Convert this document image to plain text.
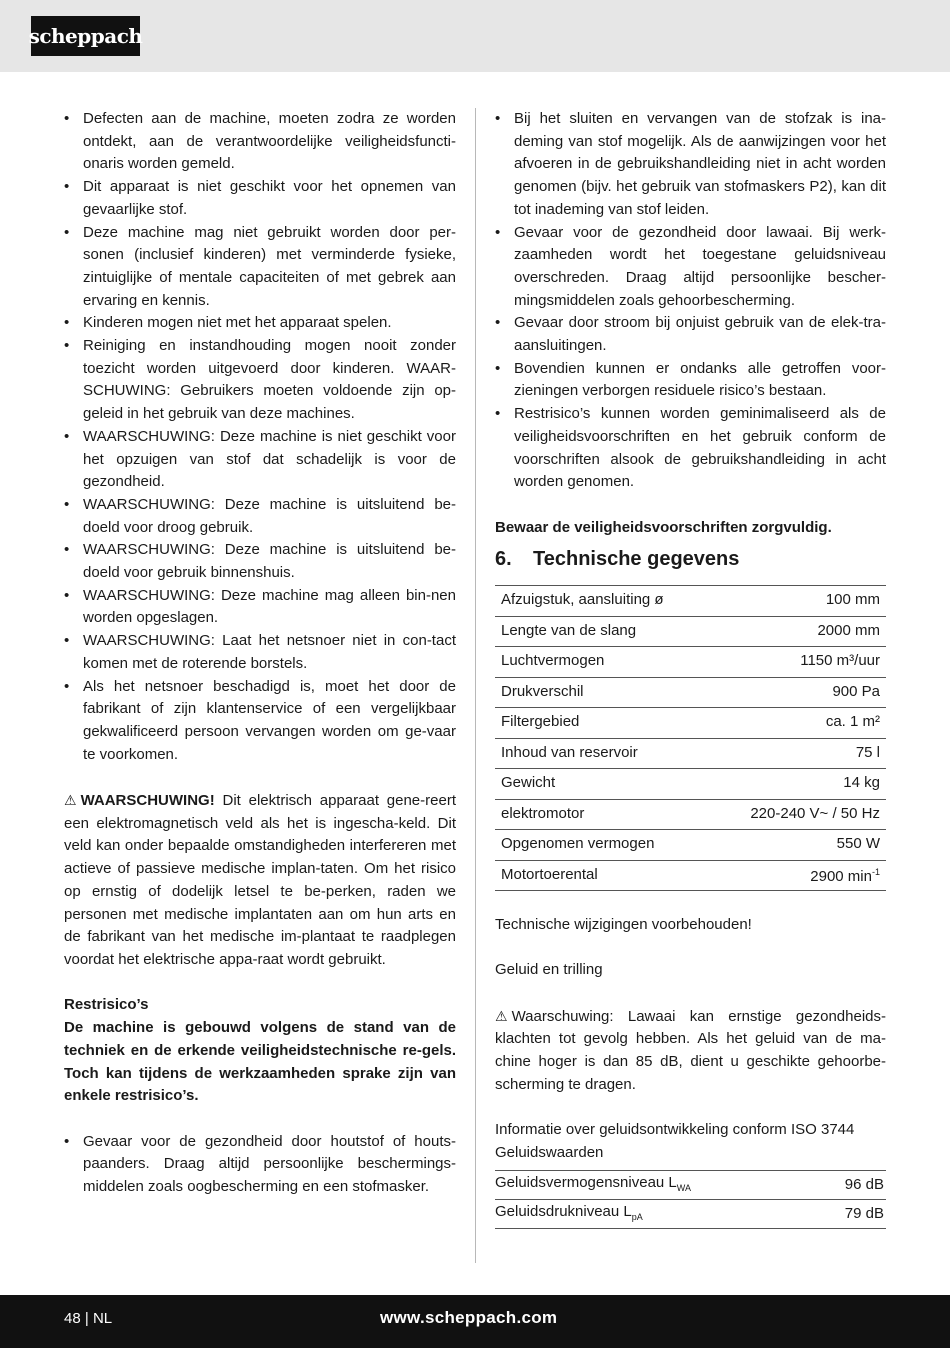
scheppach
• Defecten aan de machine, moeten zodra ze worden ontdekt, aan de verantwoordelijke veiligheidsfuncti-onaris worden gemeld.
• Dit apparaat is niet geschikt voor het opnemen van gevaarlijke stof.
• Deze machine mag niet gebruikt worden door per-sonen (inclusief kinderen) met verminderde fysieke, zintuiglijke of mentale capaciteiten of met gebrek aan ervaring en kennis.
• Kinderen mogen niet met het apparaat spelen.
• Reiniging en instandhouding mogen nooit zonder toezicht worden uitgevoerd door kinderen. WAAR-SCHUWING: Gebruikers moeten voldoende zijn op-geleid in het gebruik van deze machines.
• WAARSCHUWING: Deze machine is niet geschikt voor het opzuigen van stof dat schadelijk is voor de gezondheid.
• WAARSCHUWING: Deze machine is uitsluitend be-doeld voor droog gebruik.
• WAARSCHUWING: Deze machine is uitsluitend be-doeld voor gebruik binnenshuis.
• WAARSCHUWING: Deze machine mag alleen bin-nen worden opgeslagen.
• WAARSCHUWING: Laat het netsnoer niet in con-tact komen met de roterende borstels.
• Als het netsnoer beschadigd is, moet het door de fabrikant of zijn klantenservice of een vergelijkbaar gekwalificeerd persoon vervangen worden om ge-vaar te voorkomen.

⚠ WAARSCHUWING! Dit elektrisch apparaat gene-reert een elektromagnetisch veld als het is ingescha-keld. Dit veld kan onder bepaalde omstandigheden interfereren met actieve of passieve medische implan-taten. Om het risico op ernstig of dodelijk letsel te be-perken, raden we personen met medische implantaten aan om hun arts en de fabrikant van het medische im-plantaat te raadplegen voordat het elektrische appa-raat wordt gebruikt.

Restrisico’s

De machine is gebouwd volgens de stand van de techniek en de erkende veiligheidstechnische re-gels. Toch kan tijdens de werkzaamheden sprake zijn van enkele restrisico’s.

• Gevaar voor de gezondheid door houtstof of houts-paanders. Draag altijd persoonlijke beschermings-middelen zoals oogbescherming en een stofmasker.
• Bij het sluiten en vervangen van de stofzak is ina-deming van stof mogelijk. Als de aanwijzingen voor het afvoeren in de gebruikshandleiding niet in acht worden genomen (bijv. het gebruik van stofmaskers P2), kan dit tot inademing van stof leiden.
• Gevaar voor de gezondheid door lawaai. Bij werk-zaamheden wordt het toegestane geluidsniveau overschreden. Draag altijd persoonlijke bescher-mingsmiddelen zoals gehoorbescherming.
• Gevaar door stroom bij onjuist gebruik van de elek-tra-aansluitingen.
• Bovendien kunnen er ondanks alle getroffen voor-zieningen verborgen residuele risico’s bestaan.
• Restrisico’s kunnen worden geminimaliseerd als de veiligheidsvoorschriften en het gebruik conform de voorschriften alsook de gebruikshandleiding in acht worden genomen.

Bewaar de veiligheidsvoorschriften zorgvuldig.

6. Technische gegevens
Afzuigstuk, aansluiting ø	100 mm
Lengte van de slang	2000 mm
Luchtvermogen	1150 m³/uur
Drukverschil	900 Pa
Filtergebied	ca. 1 m²
Inhoud van reservoir	75 l
Gewicht	14 kg
elektromotor	220-240 V~ / 50 Hz
Opgenomen vermogen	550 W
Motortoerental	2900 $\min^{-1}$

Technische wijzigingen voorbehouden!

Geluid en trilling

⚠ Waarschuwing: Lawaai kan ernstige gezondheids-klachten tot gevolg hebben. Als het geluid van de ma-chine hoger is dan 85 dB, dient u geschikte gehoorbe-scherming te dragen.

Informatie over geluidsontwikkeling conform ISO 3744

Geluidswaarden

Geluidsvermogensniveau $L_{WA}$	96 dB
Geluidsdrukniveau $L_{pA}$	79 dB
48 | NL	www.scheppach.com
